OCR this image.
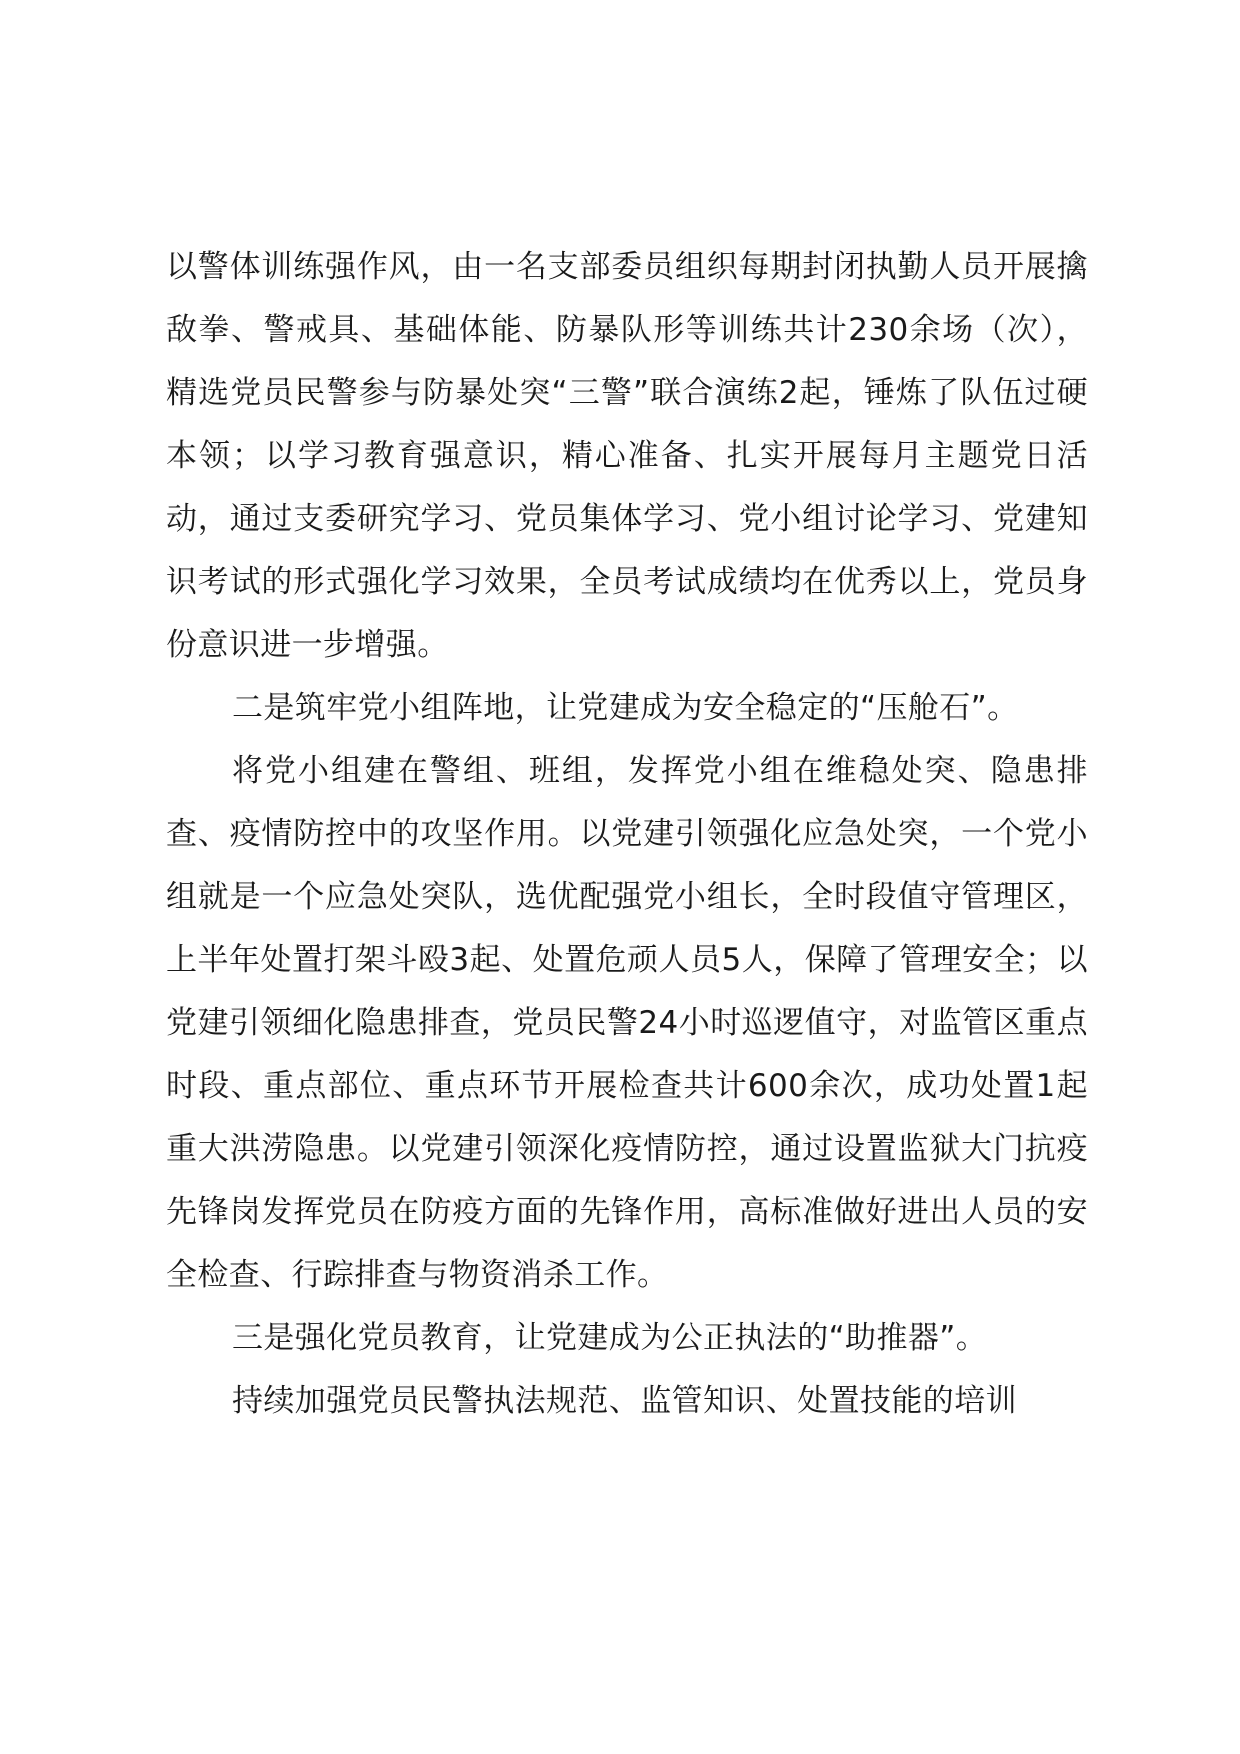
以警体训练强作风，由一名支部委员组织每期封闭执勤人员开展擒敌拳、警戒具、基础体能、防暴队形等训练共计230余场（次），精选党员民警参与防暴处突“三警”联合演练2起，锤炼了队伍过硬本领；以学习教育强意识，精心准备、扎实开展每月主题党日活动，通过支委研究学习、党员集体学习、党小组讨论学习、党建知识考试的形式强化学习效果，全员考试成绩均在优秀以上，党员身份意识进一步增强。

二是筑牢党小组阵地，让党建成为安全稳定的“压舱石”。

将党小组建在警组、班组，发挥党小组在维稳处突、隐患排查、疫情防控中的攻坚作用。以党建引领强化应急处突，一个党小组就是一个应急处突队，选优配强党小组长，全时段值守管理区，上半年处置打架斗殴3起、处置危顽人员5人，保障了管理安全；以党建引领细化隐患排查，党员民警24小时巡逻值守，对监管区重点时段、重点部位、重点环节开展检查共计600余次，成功处置1起重大洪涝隐患。以党建引领深化疫情防控，通过设置监狱大门抗疫先锋岗发挥党员在防疫方面的先锋作用，高标准做好进出人员的安全检查、行踪排查与物资消杀工作。

三是强化党员教育，让党建成为公正执法的“助推器”。

持续加强党员民警执法规范、监管知识、处置技能的培训
